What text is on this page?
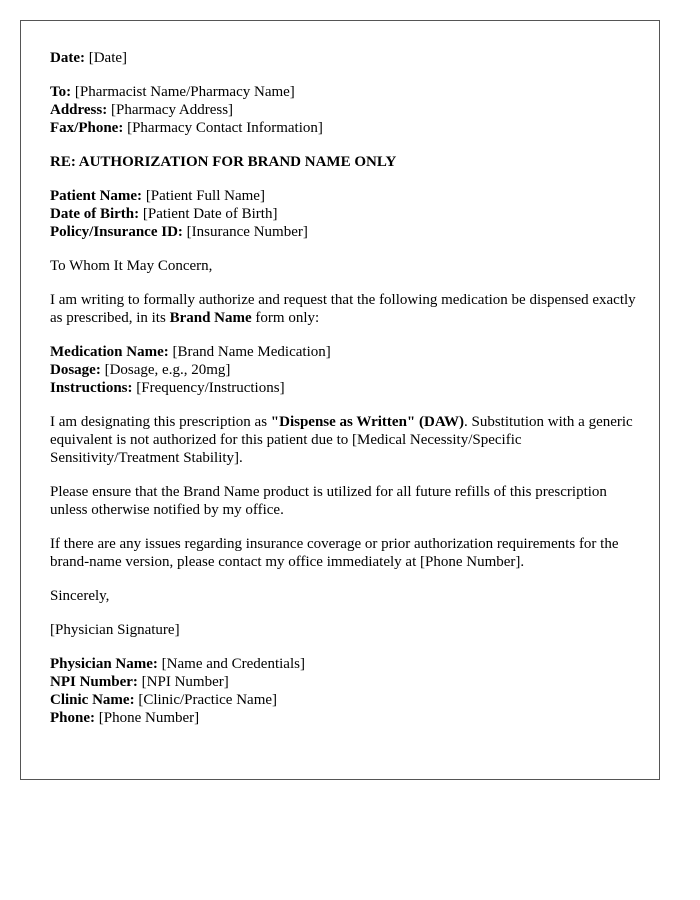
Date: [Date]

To: [Pharmacist Name/Pharmacy Name]
Address: [Pharmacy Address]
Fax/Phone: [Pharmacy Contact Information]

RE: AUTHORIZATION FOR BRAND NAME ONLY

Patient Name: [Patient Full Name]
Date of Birth: [Patient Date of Birth]
Policy/Insurance ID: [Insurance Number]

To Whom It May Concern,

I am writing to formally authorize and request that the following medication be dispensed exactly as prescribed, in its Brand Name form only:

Medication Name: [Brand Name Medication]
Dosage: [Dosage, e.g., 20mg]
Instructions: [Frequency/Instructions]

I am designating this prescription as "Dispense as Written" (DAW). Substitution with a generic equivalent is not authorized for this patient due to [Medical Necessity/Specific Sensitivity/Treatment Stability].

Please ensure that the Brand Name product is utilized for all future refills of this prescription unless otherwise notified by my office.

If there are any issues regarding insurance coverage or prior authorization requirements for the brand-name version, please contact my office immediately at [Phone Number].

Sincerely,

[Physician Signature]

Physician Name: [Name and Credentials]
NPI Number: [NPI Number]
Clinic Name: [Clinic/Practice Name]
Phone: [Phone Number]
